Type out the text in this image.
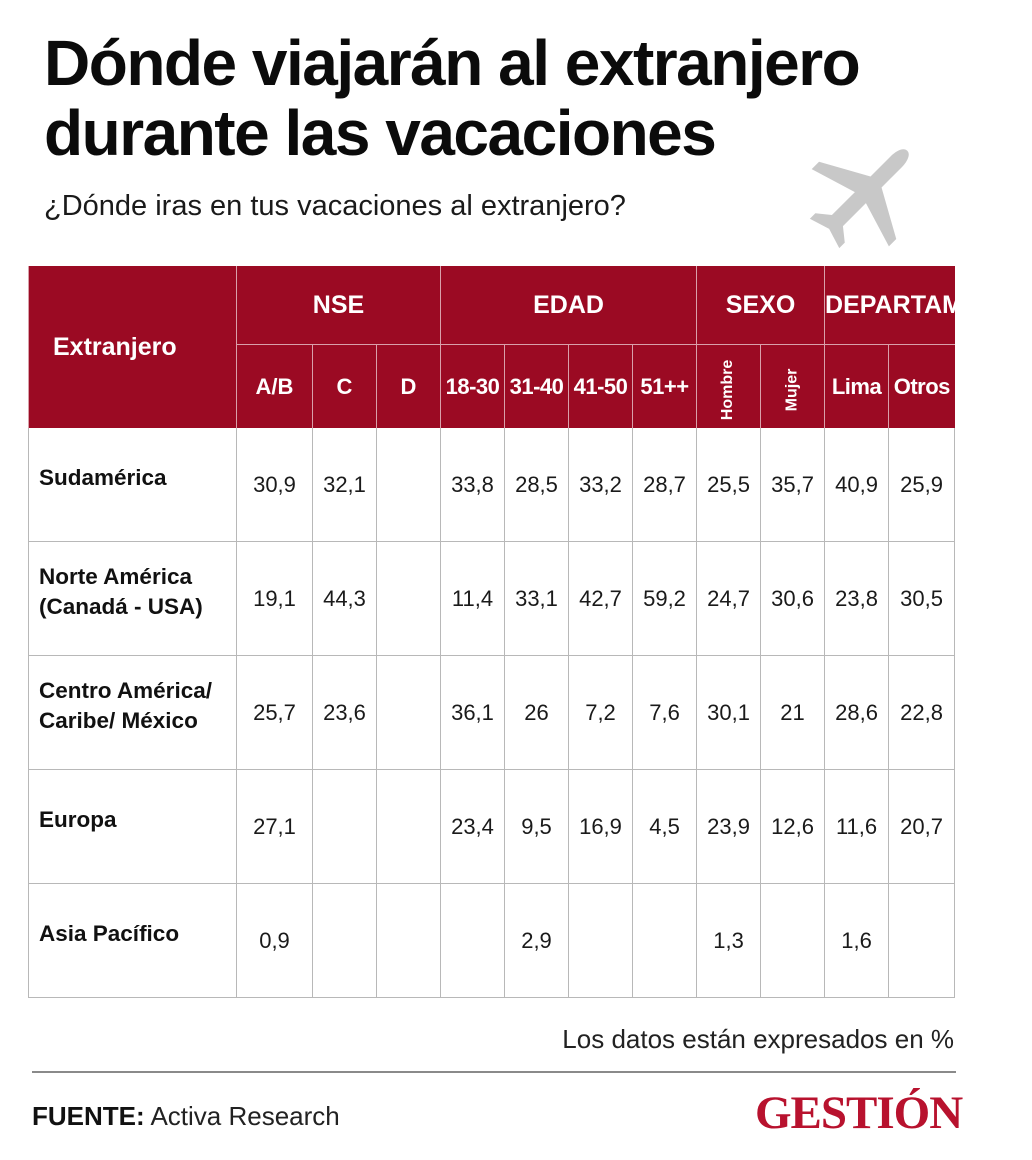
Dónde viajarán al extranjero durante las vacaciones
¿Dónde iras en tus vacaciones al extranjero?
Extranjero	NSE			EDAD				SEXO		DEPARTAMENTO	
	A/B	C	D	18-30	31-40	41-50	51++	Hombre	Mujer	Lima	Otros

Sudamérica	30,9	32,1		33,8	28,5	33,2	28,7	25,5	35,7	40,9	25,9

Norte América
(Canadá - USA)	19,1	44,3		11,4	33,1	42,7	59,2	24,7	30,6	23,8	30,5

Centro América/
Caribe/ México	25,7	23,6		36,1	26	7,2	7,6	30,1	21	28,6	22,8

Europa	27,1			23,4	9,5	16,9	4,5	23,9	12,6	11,6	20,7

Asia Pacífico	0,9				2,9			1,3		1,6	
Los datos están expresados en %
FUENTE: Activa Research	GESTIÓN
